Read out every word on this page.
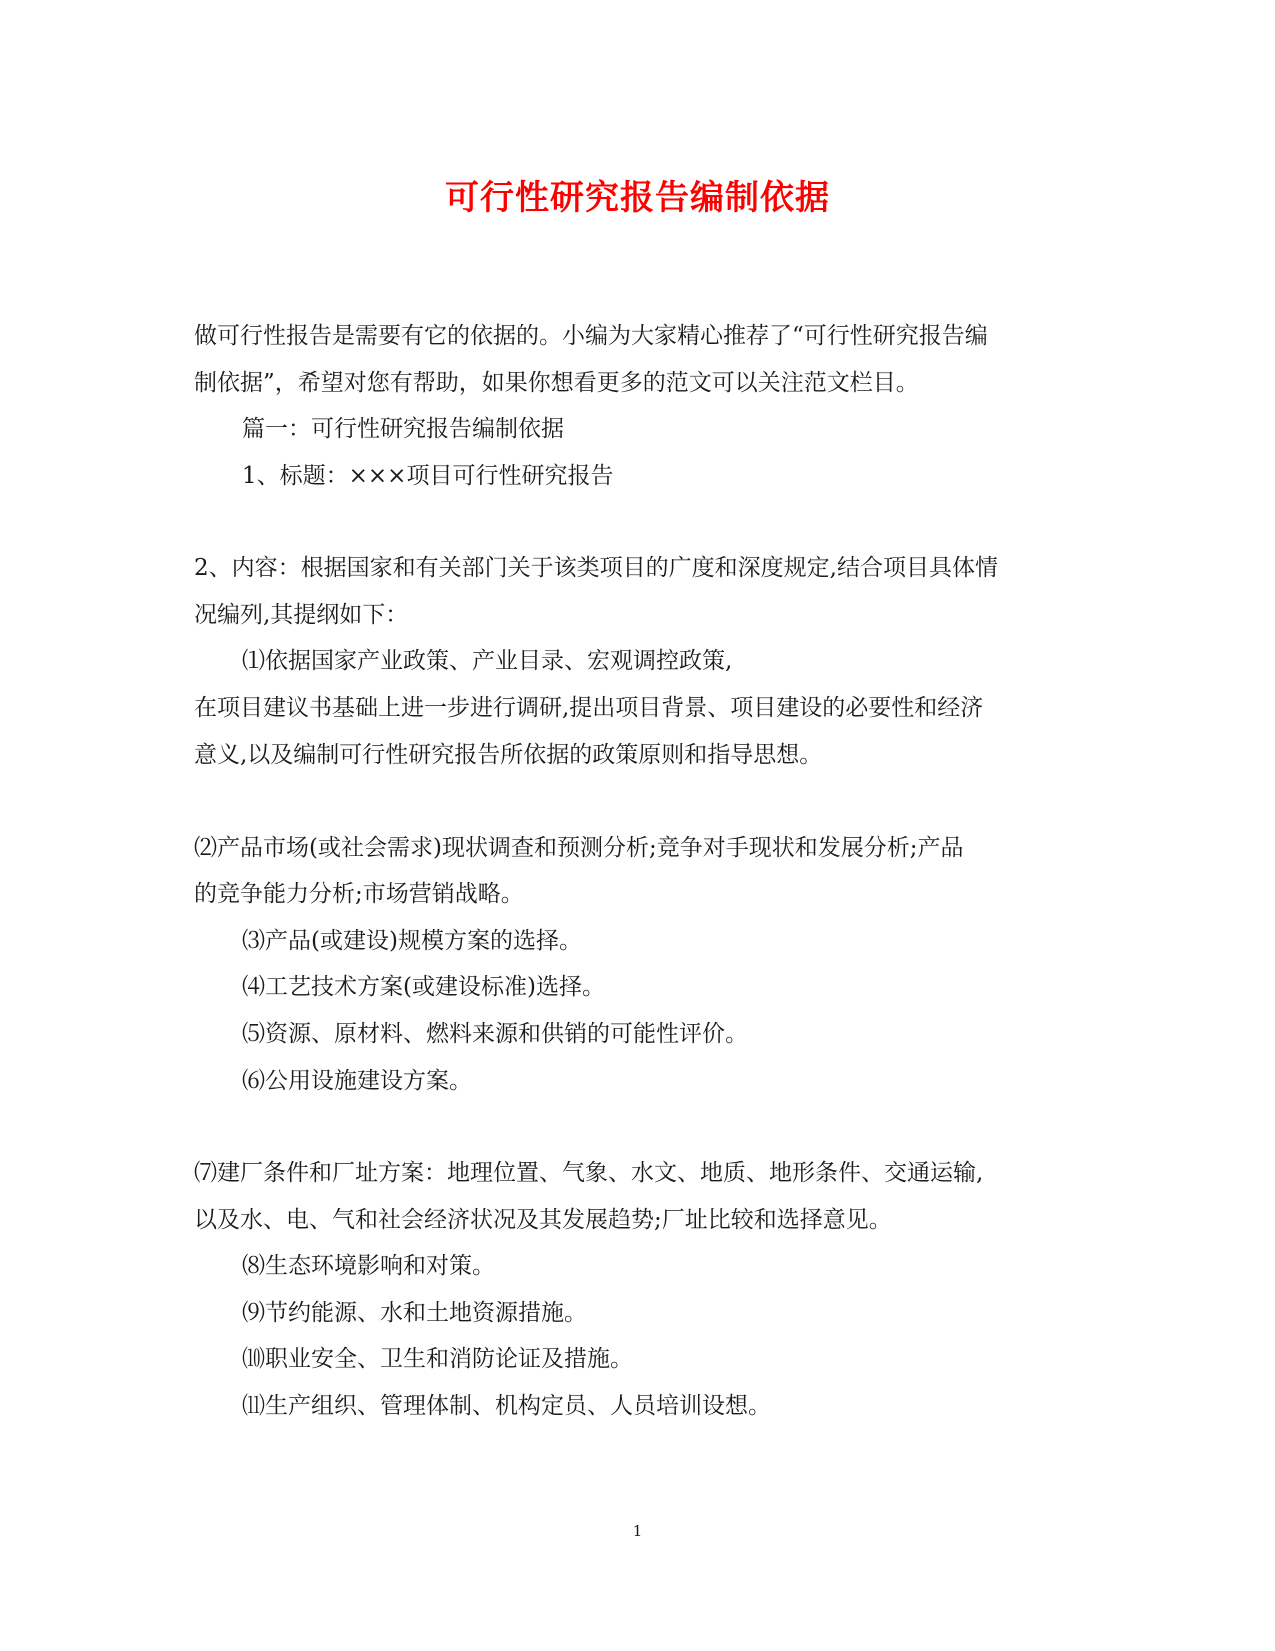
可行性研究报告编制依据
做可行性报告是需要有它的依据的。小编为大家精心推荐了“可行性研究报告编
制依据”，希望对您有帮助，如果你想看更多的范文可以关注范文栏目。
篇一：可行性研究报告编制依据
1、标题：×××项目可行性研究报告
2、内容：根据国家和有关部门关于该类项目的广度和深度规定,结合项目具体情
况编列,其提纲如下：
⑴依据国家产业政策、产业目录、宏观调控政策,
在项目建议书基础上进一步进行调研,提出项目背景、项目建设的必要性和经济
意义,以及编制可行性研究报告所依据的政策原则和指导思想。
⑵产品市场(或社会需求)现状调查和预测分析;竞争对手现状和发展分析;产品
的竞争能力分析;市场营销战略。
⑶产品(或建设)规模方案的选择。
⑷工艺技术方案(或建设标准)选择。
⑸资源、原材料、燃料来源和供销的可能性评价。
⑹公用设施建设方案。
⑺建厂条件和厂址方案：地理位置、气象、水文、地质、地形条件、交通运输,
以及水、电、气和社会经济状况及其发展趋势;厂址比较和选择意见。
⑻生态环境影响和对策。
⑼节约能源、水和土地资源措施。
⑽职业安全、卫生和消防论证及措施。
⑾生产组织、管理体制、机构定员、人员培训设想。
1
